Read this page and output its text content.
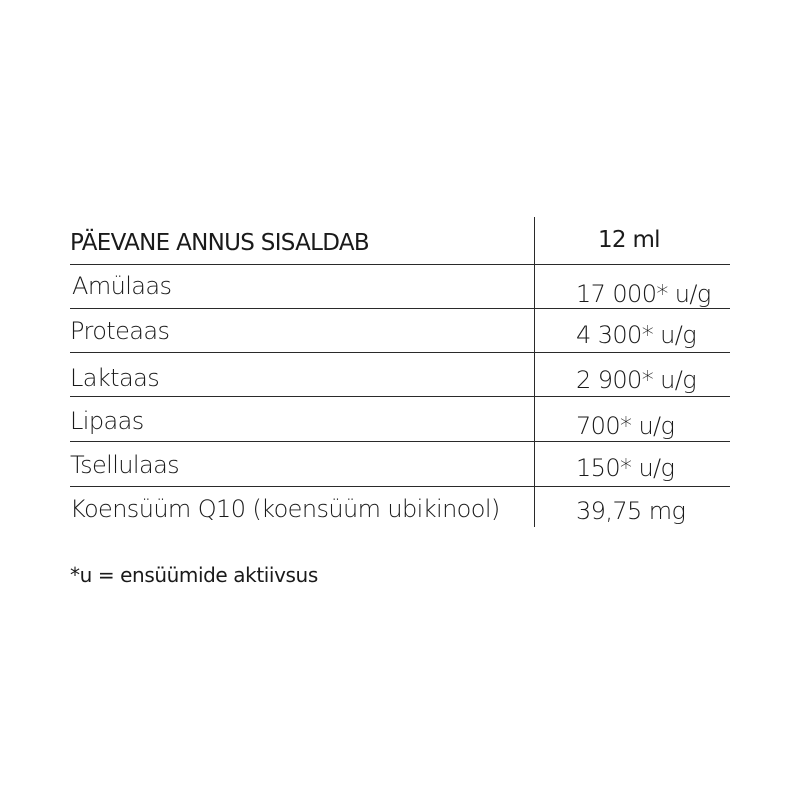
PÄEVANE ANNUS SISALDAB	12 ml
Amülaas	17 000* u/g
Proteaas	4 300* u/g
Laktaas	2 900* u/g
Lipaas	700* u/g
Tsellulaas	150* u/g
Koensüüm Q10 (koensüüm ubikinool)	39,75 mg
*u = ensüümide aktiivsus
